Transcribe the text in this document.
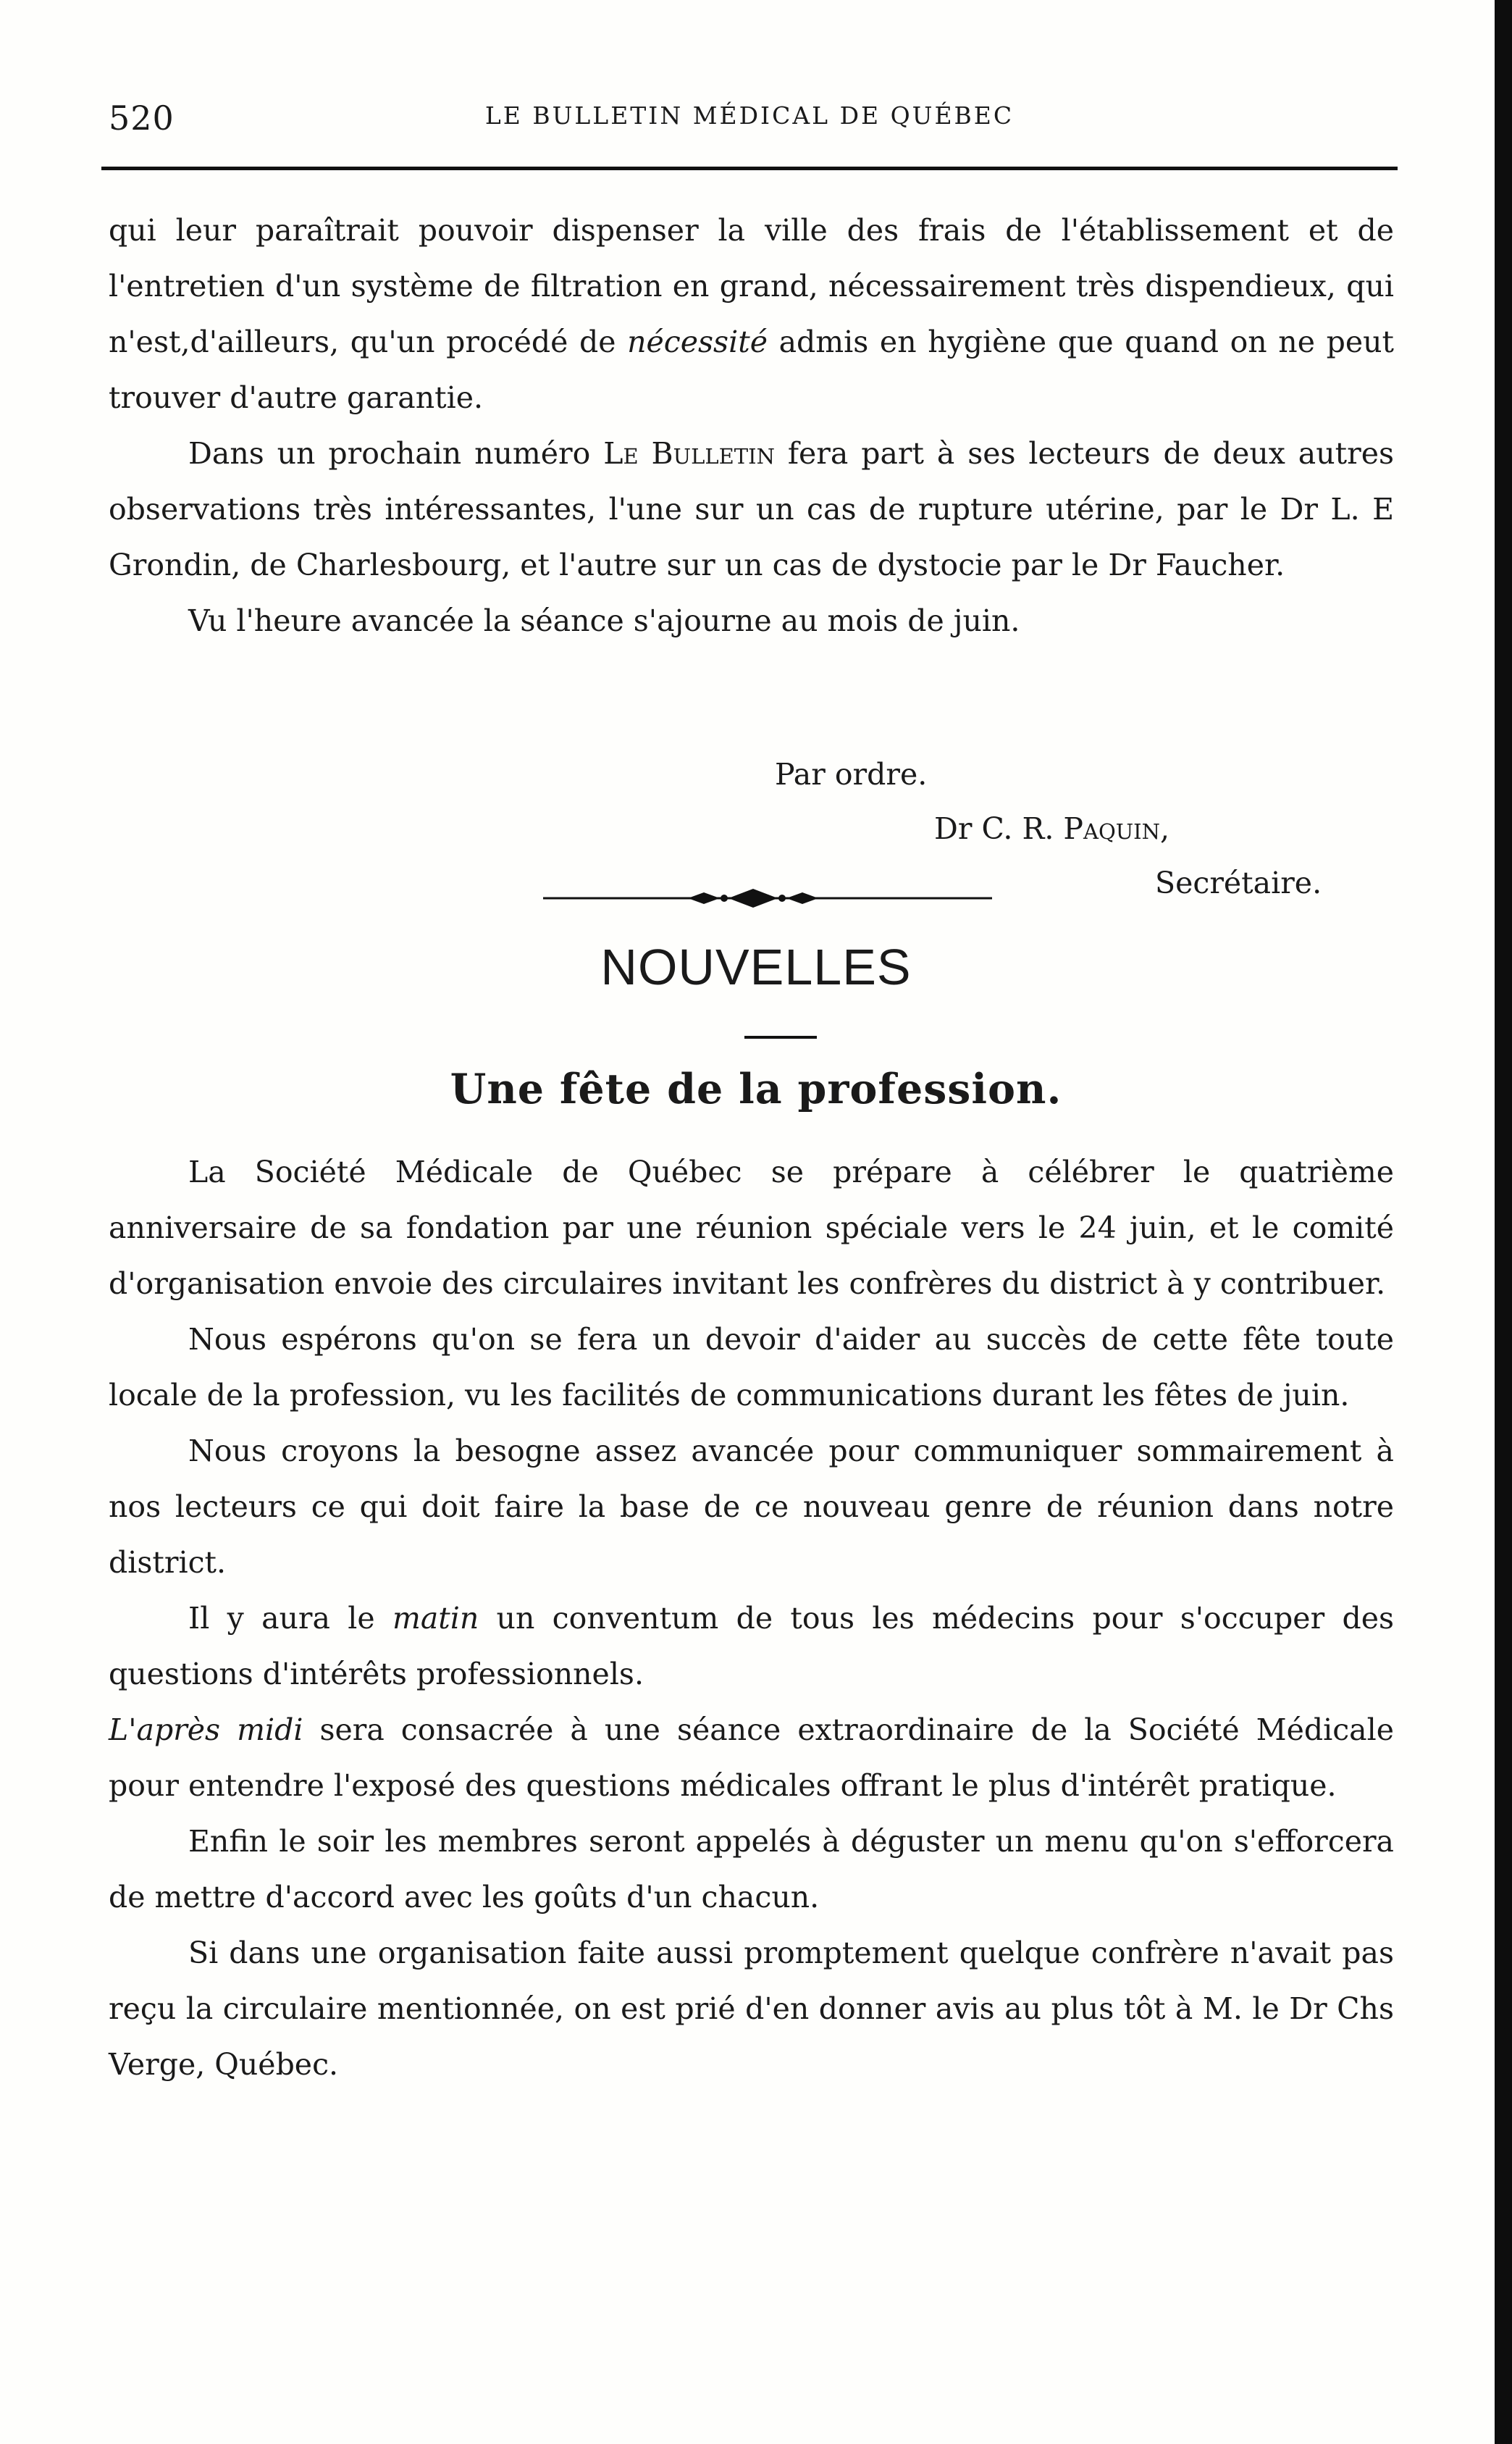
520	LE BULLETIN MÉDICAL DE QUÉBEC

qui leur paraîtrait pouvoir dispenser la ville des frais de l'établissement et de l'entretien d'un système de filtration en grand, nécessairement très dispendieux, qui n'est,d'ailleurs, qu'un procédé de nécessité admis en hygiène que quand on ne peut trouver d'autre garantie.

Dans un prochain numéro Le Bulletin fera part à ses lecteurs de deux autres observations très intéressantes, l'une sur un cas de rupture utérine, par le Dr L. E Grondin, de Charlesbourg, et l'autre sur un cas de dystocie par le Dr Faucher.

Vu l'heure avancée la séance s'ajourne au mois de juin.

Par ordre.
Dr C. R. Paquin,
Secrétaire.
NOUVELLES
Une fête de la profession.

La Société Médicale de Québec se prépare à célébrer le quatrième anniversaire de sa fondation par une réunion spéciale vers le 24 juin, et le comité d'organisation envoie des circulaires invitant les confrères du district à y contribuer.

Nous espérons qu'on se fera un devoir d'aider au succès de cette fête toute locale de la profession, vu les facilités de communications durant les fêtes de juin.

Nous croyons la besogne assez avancée pour communiquer sommairement à nos lecteurs ce qui doit faire la base de ce nouveau genre de réunion dans notre district.

Il y aura le matin un conventum de tous les médecins pour s'occuper des questions d'intérêts professionnels.

L'après midi sera consacrée à une séance extraordinaire de la Société Médicale pour entendre l'exposé des questions médicales offrant le plus d'intérêt pratique.

Enfin le soir les membres seront appelés à déguster un menu qu'on s'efforcera de mettre d'accord avec les goûts d'un chacun.

Si dans une organisation faite aussi promptement quelque confrère n'avait pas reçu la circulaire mentionnée, on est prié d'en donner avis au plus tôt à M. le Dr Chs Verge, Québec.
